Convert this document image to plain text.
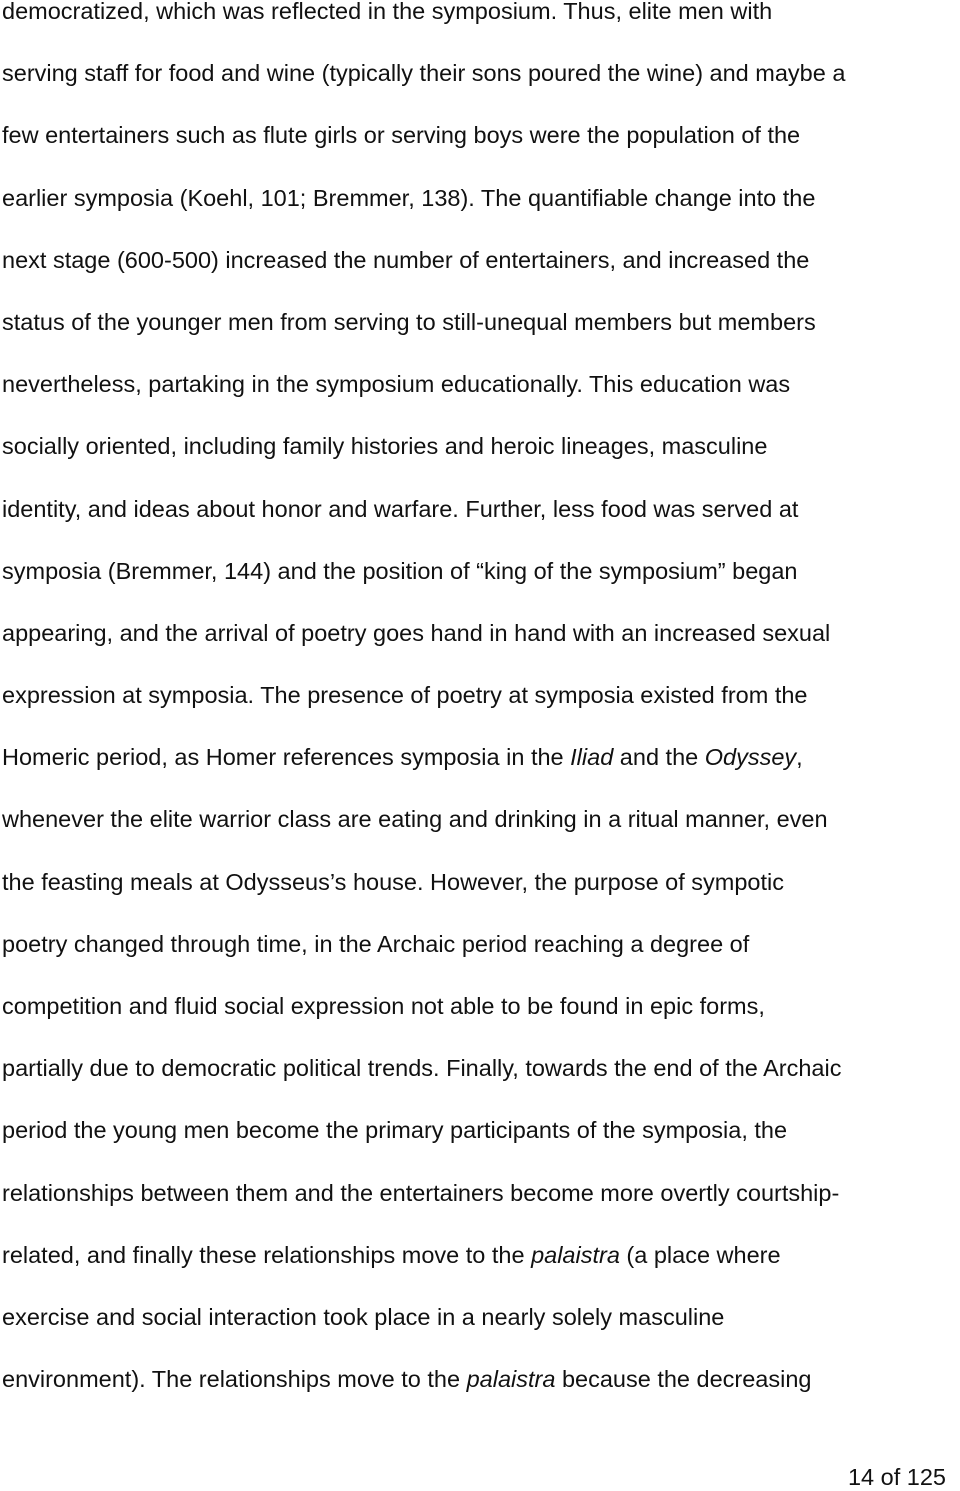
democratized, which was reflected in the symposium. Thus, elite men with
serving staff for food and wine (typically their sons poured the wine) and maybe a
few entertainers such as flute girls or serving boys were the population of the
earlier symposia (Koehl, 101; Bremmer, 138). The quantifiable change into the
next stage (600-500) increased the number of entertainers, and increased the
status of the younger men from serving to still-unequal members but members
nevertheless, partaking in the symposium educationally. This education was
socially oriented, including family histories and heroic lineages, masculine
identity, and ideas about honor and warfare. Further, less food was served at
symposia (Bremmer, 144) and the position of “king of the symposium” began
appearing, and the arrival of poetry goes hand in hand with an increased sexual
expression at symposia. The presence of poetry at symposia existed from the
Homeric period, as Homer references symposia in the Iliad and the Odyssey,
whenever the elite warrior class are eating and drinking in a ritual manner, even
the feasting meals at Odysseus’s house. However, the purpose of sympotic
poetry changed through time, in the Archaic period reaching a degree of
competition and fluid social expression not able to be found in epic forms,
partially due to democratic political trends. Finally, towards the end of the Archaic
period the young men become the primary participants of the symposia, the
relationships between them and the entertainers become more overtly courtship-
related, and finally these relationships move to the palaistra (a place where
exercise and social interaction took place in a nearly solely masculine
environment). The relationships move to the palaistra because the decreasing
14 of 125
